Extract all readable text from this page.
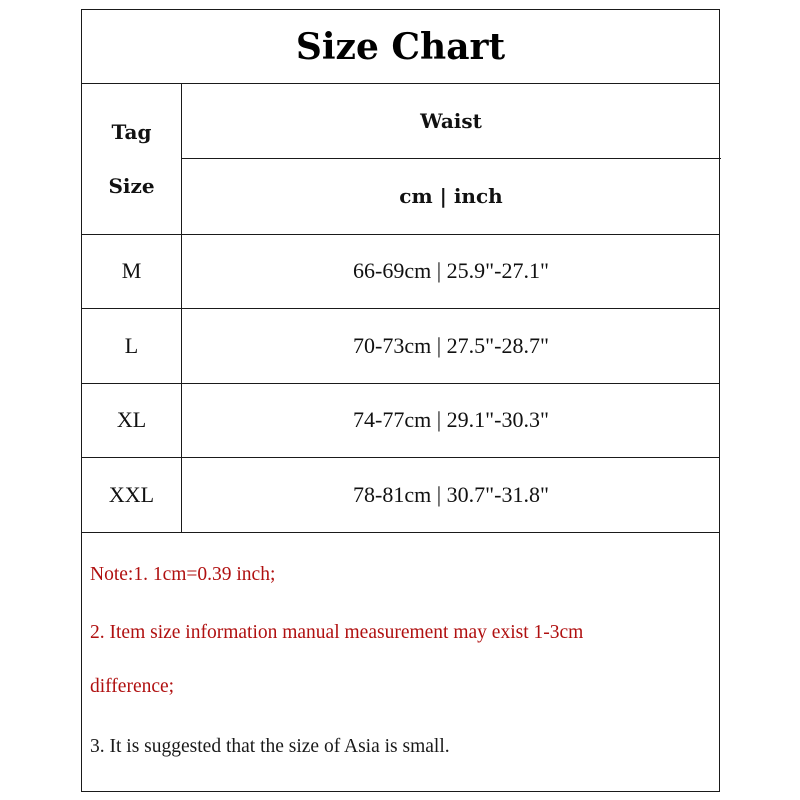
Size Chart
Tag
Size
Waist
cm | inch
M	66-69cm | 25.9"-27.1"
L	70-73cm | 27.5"-28.7"
XL	74-77cm | 29.1"-30.3"
XXL	78-81cm | 30.7"-31.8"
Note:1. 1cm=0.39 inch;
2. Item size information manual measurement may exist 1-3cm
difference;
3. It is suggested that the size of Asia is small.
